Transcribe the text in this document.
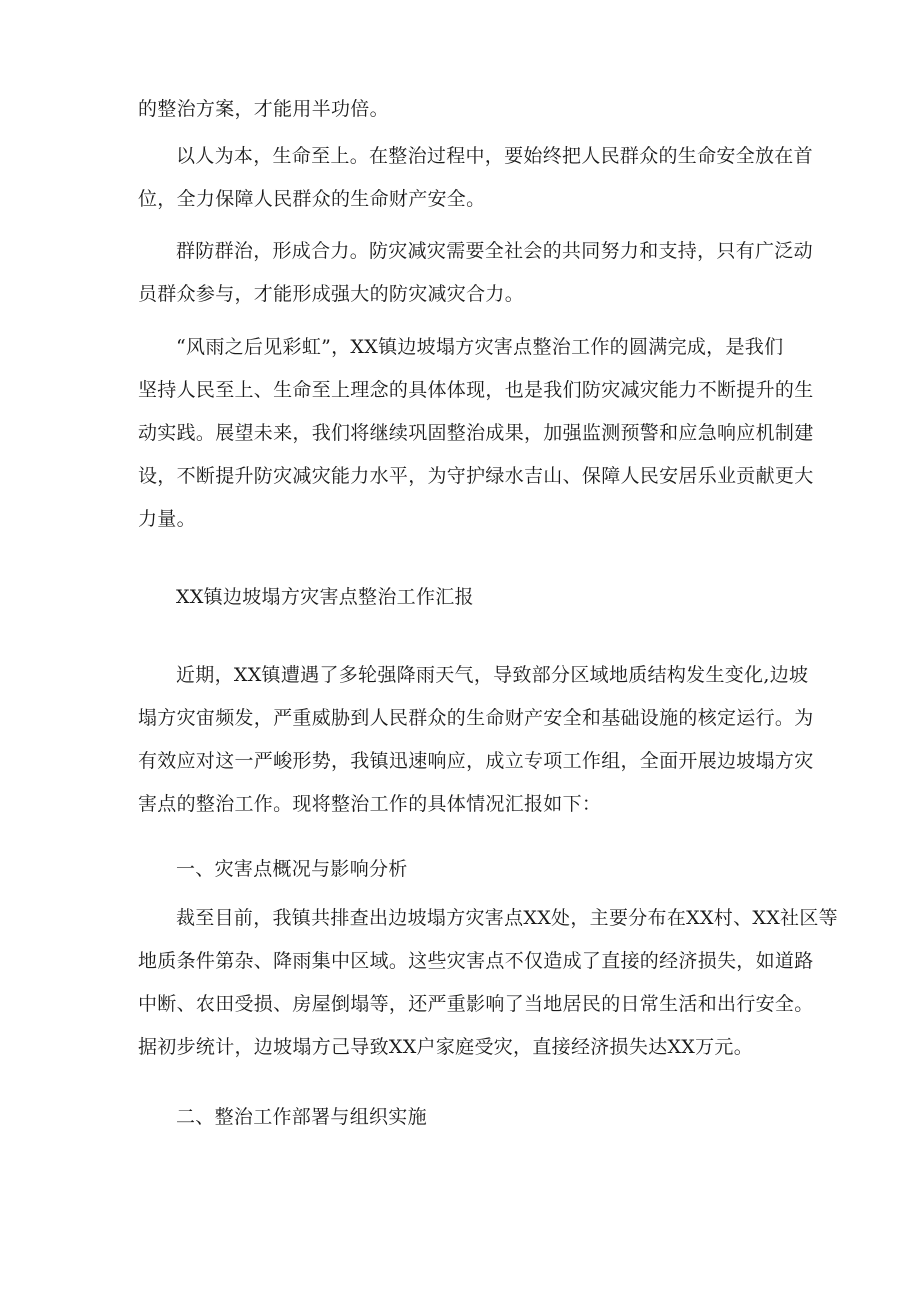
的整治方案，才能用半功倍。

以人为本，生命至上。在整治过程中，要始终把人民群众的生命安全放在首
位，全力保障人民群众的生命财产安全。

群防群治，形成合力。防灾减灾需要全社会的共同努力和支持，只有广泛动
员群众参与，才能形成强大的防灾减灾合力。

“风雨之后见彩虹”，XX镇边坡塌方灾害点整治工作的圆满完成，是我们
坚持人民至上、生命至上理念的具体体现，也是我们防灾减灾能力不断提升的生
动实践。展望未来，我们将继续巩固整治成果，加强监测预警和应急响应机制建
设，不断提升防灾减灾能力水平，为守护绿水吉山、保障人民安居乐业贡献更大
力量。

XX镇边坡塌方灾害点整治工作汇报

近期，XX镇遭遇了多轮强降雨天气，导致部分区域地质结构发生变化,边坡
塌方灾宙频发，严重威胁到人民群众的生命财产安全和基础设施的核定运行。为
有效应对这一严峻形势，我镇迅速响应，成立专项工作组，全面开展边坡塌方灾
害点的整治工作。现将整治工作的具体情况汇报如下：

一、灾害点概况与影响分析

裁至目前，我镇共排查出边坡塌方灾害点XX处，主要分布在XX村、XX社区等
地质条件第杂、降雨集中区域。这些灾害点不仅造成了直接的经济损失，如道路
中断、农田受损、房屋倒塌等，还严重影响了当地居民的日常生活和出行安全。
据初步统计，边坡塌方己导致XX户家庭受灾，直接经济损失达XX万元。

二、整治工作部署与组织实施
